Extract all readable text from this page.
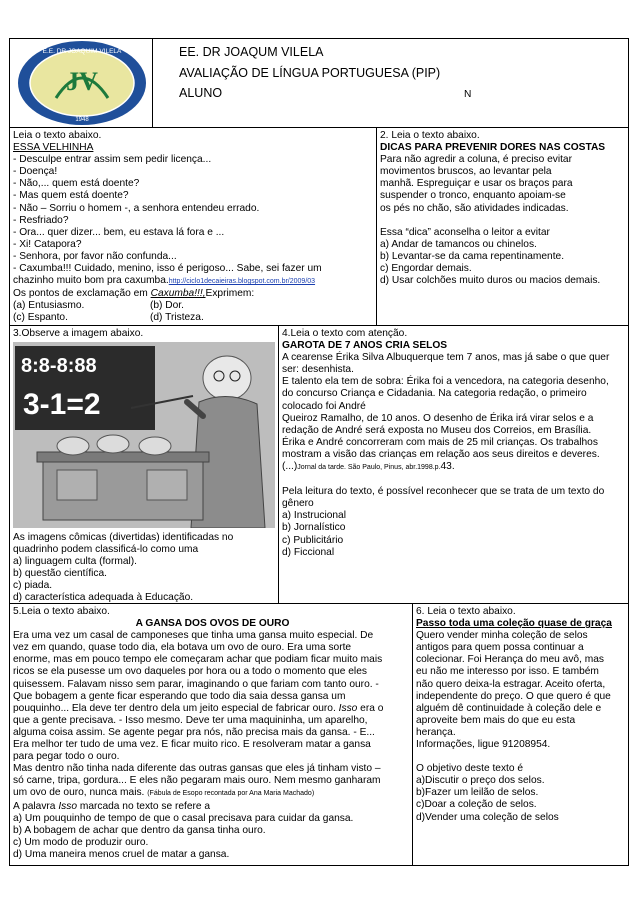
JV
E.E. DR JOAQUIM VILELA
1948
EE. DR JOAQUM VILELA
AVALIAÇÃO DE LÍNGUA PORTUGUESA (PIP)
ALUNO	N

Leia o texto abaixo.

ESSA VELHINHA

- Desculpe entrar assim sem pedir licença...

- Doença!

- Não,... quem está doente?

- Mas quem está doente?

- Não – Sorriu o homem -, a senhora entendeu errado.

- Resfriado?

- Ora... quer dizer... bem, eu estava lá fora e ...

- Xi! Catapora?

- Senhora, por favor não confunda...

- Caxumba!!! Cuidado, menino, isso é perigoso... Sabe, sei fazer um

chazinho muito bom pra caxumba.http://ciclo1decaieiras.blogspot.com.br/2009/03

Os pontos de exclamação em Caxumba!!!,Exprimem:

(a) Entusiasmo.	(b) Dor.

(c) Espanto.	(d) Tristeza.

2. Leia o texto abaixo.

DICAS PARA PREVENIR DORES NAS COSTAS

Para não agredir a coluna, é preciso evitar

movimentos bruscos, ao levantar pela

manhã. Espreguiçar e usar os braços para

suspender o tronco, enquanto apoiam-se

os pés no chão, são atividades indicadas.

Essa “dica” aconselha o leitor a evitar

a) Andar de tamancos ou chinelos.

b) Levantar-se da cama repentinamente.

c) Engordar demais.

d) Usar colchões muito duros ou macios demais.

3.Observe a imagem abaixo.

8:8-8:88
3-1=2

As imagens cômicas (divertidas) identificadas no

quadrinho podem classificá-lo como uma

a) linguagem culta (formal).

b) questão científica.

c) piada.

d) característica adequada à Educação.

4.Leia o texto com atenção.

GAROTA DE 7 ANOS CRIA SELOS

A cearense Érika Silva Albuquerque tem 7 anos, mas já sabe o que quer

ser: desenhista.

E talento ela tem de sobra: Érika foi a vencedora, na categoria desenho,

do concurso Criança e Cidadania. Na categoria redação, o primeiro

colocado foi André

Queiroz Ramalho, de 10 anos. O desenho de Érika irá virar selos e a

redação de André será exposta no Museu dos Correios, em Brasília.

Érika e André concorreram com mais de 25 mil crianças. Os trabalhos

mostram a visão das crianças em relação aos seus direitos e deveres.

(...)Jornal da tarde. São Paulo, Pinus, abr.1998.p.43.

Pela leitura do texto, é possível reconhecer que se trata de um texto do

gênero

a) Instrucional

b) Jornalístico

c) Publicitário

d) Ficcional

5.Leia o texto abaixo.

A GANSA DOS OVOS DE OURO

Era uma vez um casal de camponeses que tinha uma gansa muito especial. De

vez em quando, quase todo dia, ela botava um ovo de ouro. Era uma sorte

enorme, mas em pouco tempo ele começaram achar que podiam ficar muito mais

ricos se ela pusesse um ovo daqueles por hora ou a todo o momento que eles

quisessem. Falavam nisso sem parar, imaginando o que fariam com tanto ouro. -

Que bobagem a gente ficar esperando que todo dia saia dessa gansa um

pouquinho... Ela deve ter dentro dela um jeito especial de fabricar ouro. Isso era o

que a gente precisava. - Isso mesmo. Deve ter uma maquininha, um aparelho,

alguma coisa assim. Se agente pegar pra nós, não precisa mais da gansa. - E...

Era melhor ter tudo de uma vez. E ficar muito rico. E resolveram matar a gansa

para pegar todo o ouro.

Mas dentro não tinha nada diferente das outras gansas que eles já tinham visto –

só carne, tripa, gordura... E eles não pegaram mais ouro. Nem mesmo ganharam

um ovo de ouro, nunca mais. (Fábula de Esopo recontada por Ana Maria Machado)

A palavra Isso marcada no texto se refere a

a) Um pouquinho de tempo de que o casal precisava para cuidar da gansa.

b) A bobagem de achar que dentro da gansa tinha ouro.

c) Um modo de produzir ouro.

d) Uma maneira menos cruel de matar a gansa.

6. Leia o texto abaixo.

Passo toda uma coleção quase de graça

Quero vender minha coleção de selos

antigos para quem possa continuar a

colecionar. Foi Herança do meu avô, mas

eu não me interesso por isso. E também

não quero deixa-la estragar. Aceito oferta,

independente do preço. O que quero é que

alguém dê continuidade à coleção dele e

aproveite bem mais do que eu esta

herança.

Informações, ligue 91208954.

O objetivo deste texto é

a)Discutir o preço dos selos.

b)Fazer um leilão de selos.

c)Doar a coleção de selos.

d)Vender uma coleção de selos
